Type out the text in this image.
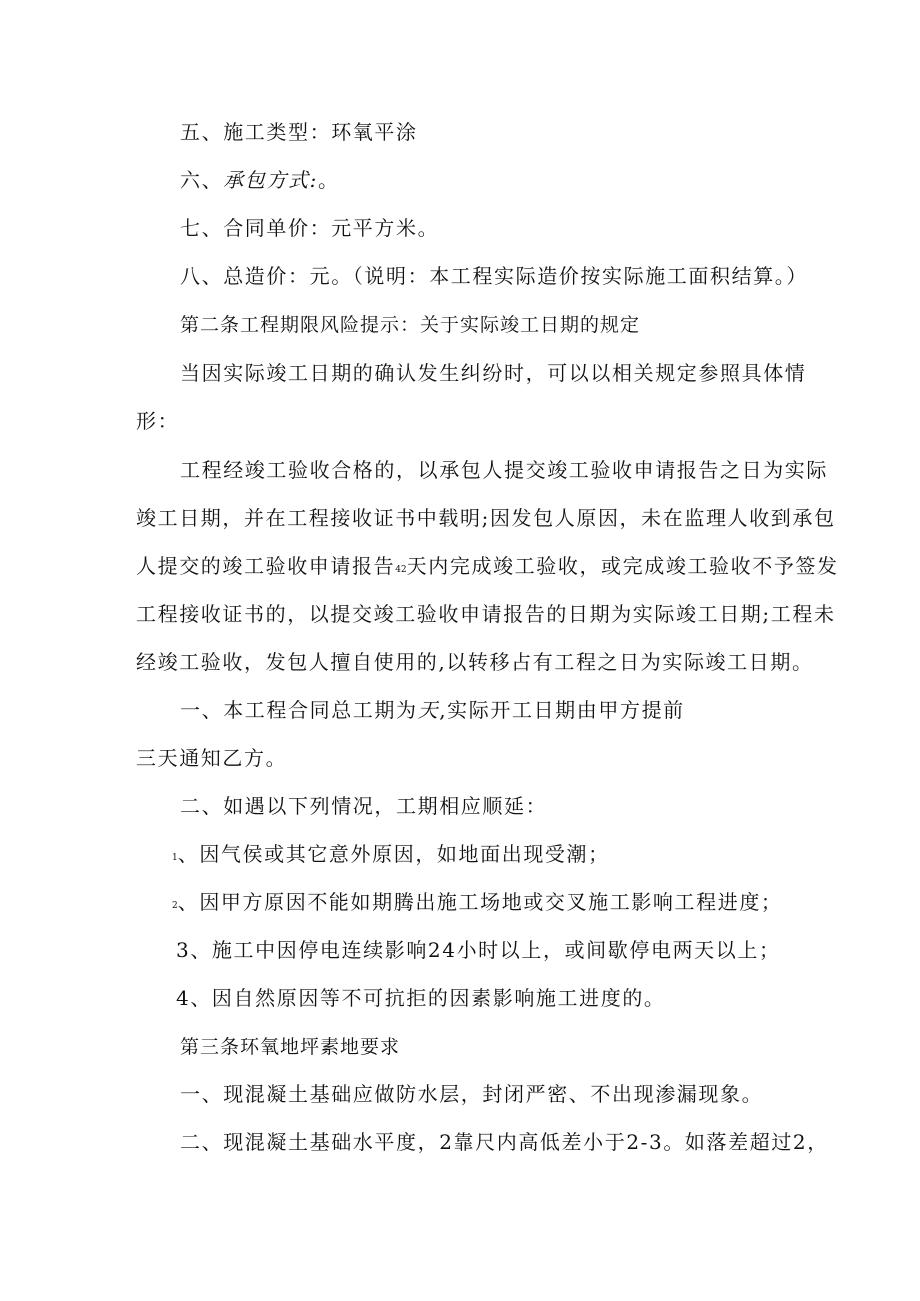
五、施工类型：环氧平涂
六、承包方式:。
七、合同单价：元平方米。
八、总造价：元。（说明：本工程实际造价按实际施工面积结算。）
第二条工程期限风险提示：关于实际竣工日期的规定
当因实际竣工日期的确认发生纠纷时，可以以相关规定参照具体情
形：
工程经竣工验收合格的，以承包人提交竣工验收申请报告之日为实际
竣工日期，并在工程接收证书中载明;因发包人原因，未在监理人收到承包
人提交的竣工验收申请报告42天内完成竣工验收，或完成竣工验收不予签发
工程接收证书的，以提交竣工验收申请报告的日期为实际竣工日期;工程未
经竣工验收，发包人擅自使用的,以转移占有工程之日为实际竣工日期。
一、本工程合同总工期为天,实际开工日期由甲方提前
三天通知乙方。
二、如遇以下列情况，工期相应顺延：
1、因气侯或其它意外原因，如地面出现受潮；
2、因甲方原因不能如期腾出施工场地或交叉施工影响工程进度；
3、施工中因停电连续影响24小时以上，或间歇停电两天以上；
4、因自然原因等不可抗拒的因素影响施工进度的。
第三条环氧地坪素地要求
一、现混凝土基础应做防水层，封闭严密、不出现渗漏现象。
二、现混凝土基础水平度，2靠尺内高低差小于2-3。如落差超过2，
